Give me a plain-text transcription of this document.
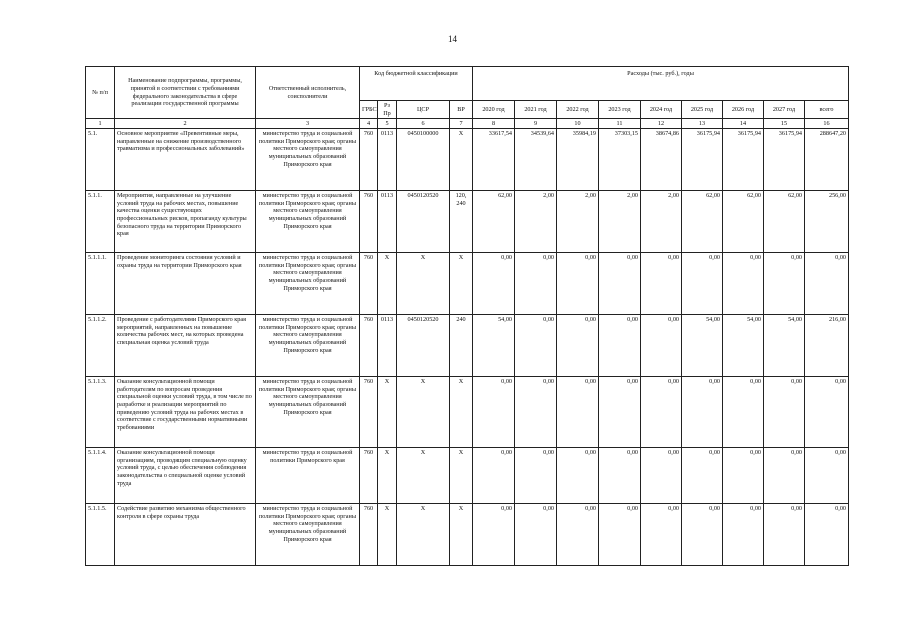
14
№ п/п	Наименование подпрограммы, программы, принятой в соответствии с требованиями федерального законодательства в сфере реализации государственной программы	Ответственный исполнитель, соисполнители	Код бюджетной классификации				Расходы (тыс. руб.), годы								
			ГРБС	Рз Пр	ЦСР	ВР	2020 год	2021 год	2022 год	2023 год	2024 год	2025 год	2026 год	2027 год	всего
1	2	3	4	5	6	7	8	9	10	11	12	13	14	15	16
5.1.	Основное мероприятие «Превентивные меры, направленные на снижение производственного травматизма и профессиональных заболеваний»	министерство труда и социальной политики Приморского края; органы местного самоуправления муниципальных образований Приморского края	760	0113	0450100000	X	33617,54	34539,64	35984,19	37303,15	38674,86	36175,94	36175,94	36175,94	288647,20
5.1.1.	Мероприятия, направленные на улучшение условий труда на рабочих местах, повышение качества оценки существующих профессиональных рисков, пропаганду культуры безопасного труда на территории Приморского края	министерство труда и социальной политики Приморского края; органы местного самоуправления муниципальных образований Приморского края	760	0113	0450120520	120, 240	62,00	2,00	2,00	2,00	2,00	62,00	62,00	62,00	256,00
5.1.1.1.	Проведение мониторинга состояния условий и охраны труда на территории Приморского края	министерство труда и социальной политики Приморского края; органы местного самоуправления муниципальных образований Приморского края	760	X	X	X	0,00	0,00	0,00	0,00	0,00	0,00	0,00	0,00	0,00
5.1.1.2.	Проведение с работодателями Приморского края мероприятий, направленных на повышение количества рабочих мест, на которых проведена специальная оценка условий труда	министерство труда и социальной политики Приморского края; органы местного самоуправления муниципальных образований Приморского края	760	0113	0450120520	240	54,00	0,00	0,00	0,00	0,00	54,00	54,00	54,00	216,00
5.1.1.3.	Оказание консультационной помощи работодателям по вопросам проведения специальной оценки условий труда, в том числе по разработке и реализации мероприятий по приведению условий труда на рабочих местах в соответствие с государственными нормативными требованиями	министерство труда и социальной политики Приморского края; органы местного самоуправления муниципальных образований Приморского края	760	X	X	X	0,00	0,00	0,00	0,00	0,00	0,00	0,00	0,00	0,00
5.1.1.4.	Оказание консультационной помощи организациям, проводящим специальную оценку условий труда, с целью обеспечения соблюдения законодательства о специальной оценке условий труда	министерство труда и социальной политики Приморского края	760	X	X	X	0,00	0,00	0,00	0,00	0,00	0,00	0,00	0,00	0,00
5.1.1.5.	Содействие развитию механизма общественного контроля в сфере охраны труда	министерство труда и социальной политики Приморского края; органы местного самоуправления муниципальных образований Приморского края	760	X	X	X	0,00	0,00	0,00	0,00	0,00	0,00	0,00	0,00	0,00
